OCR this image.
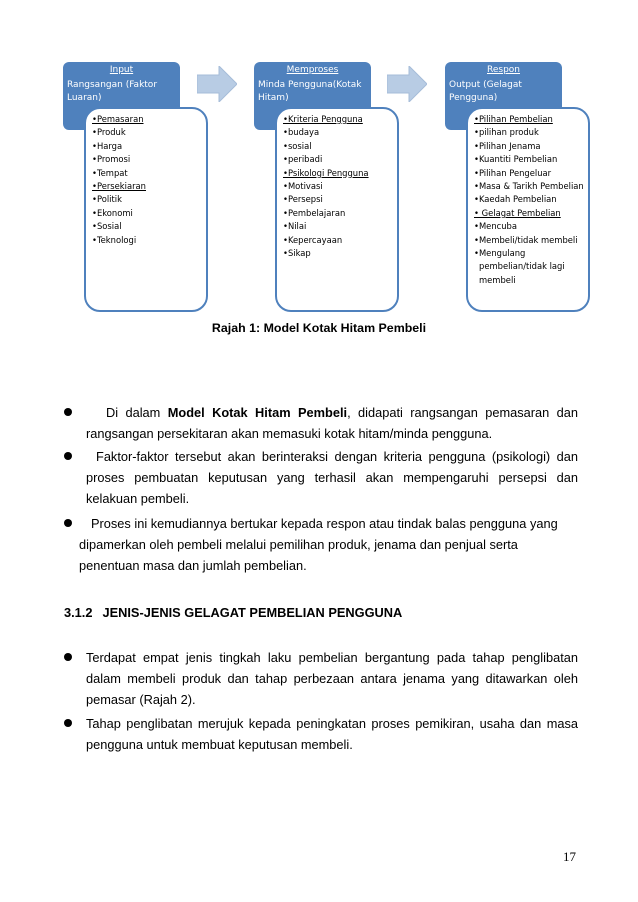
Input
Rangsangan (Faktor Luaran)
•Pemasaran
•Produk
•Harga
•Promosi
•Tempat
•Persekiaran
•Politik
•Ekonomi
•Sosial
•Teknologi
Memproses
Minda Pengguna(Kotak Hitam)
•Kriteria Pengguna
•budaya
•sosial
•peribadi
•Psikologi Pengguna
•Motivasi
•Persepsi
•Pembelajaran
•Nilai
•Kepercayaan
•Sikap
Respon
Output (Gelagat Pengguna)
•Pilihan Pembelian
•pilihan produk
•Pilihan Jenama
•Kuantiti Pembelian
•Pilihan Pengeluar
•Masa & Tarikh Pembelian
•Kaedah Pembelian
• Gelagat Pembelian
•Mencuba
•Membeli/tidak membeli
•Mengulang pembelian/tidak lagi membeli
Rajah 1: Model Kotak Hitam Pembeli
Di dalam Model Kotak Hitam Pembeli, didapati rangsangan pemasaran dan rangsangan persekitaran akan memasuki kotak hitam/minda pengguna.
Faktor-faktor tersebut akan berinteraksi dengan kriteria pengguna (psikologi) dan proses pembuatan keputusan yang terhasil akan mempengaruhi persepsi dan kelakuan pembeli.
Proses ini kemudiannya bertukar kepada respon atau tindak balas pengguna yang
dipamerkan oleh pembeli melalui pemilihan produk, jenama dan penjual serta
penentuan masa dan jumlah pembelian.
3.1.2 JENIS-JENIS GELAGAT PEMBELIAN PENGGUNA
Terdapat empat jenis tingkah laku pembelian bergantung pada tahap penglibatan dalam membeli produk dan tahap perbezaan antara jenama yang ditawarkan oleh pemasar (Rajah 2).
Tahap penglibatan merujuk kepada peningkatan proses pemikiran, usaha dan masa pengguna untuk membuat keputusan membeli.
17
